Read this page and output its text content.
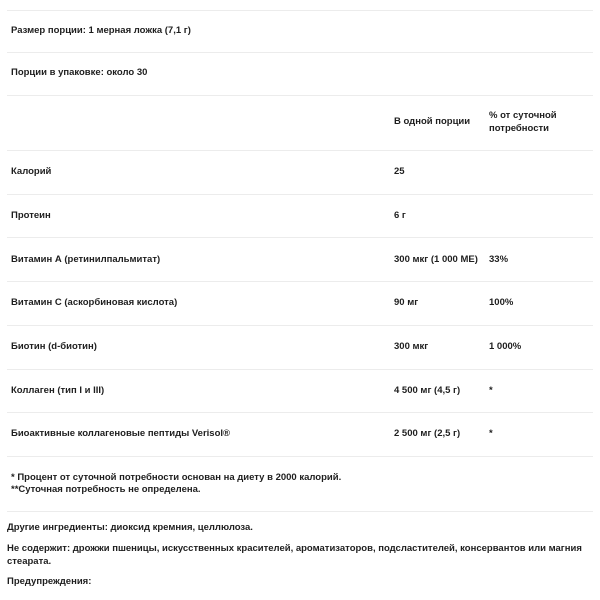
Размер порции: 1 мерная ложка (7,1 г)
Порции в упаковке: около 30
В одной порции
% от суточной
потребности
Калорий	25
Протеин	6 г
Витамин А (ретинилпальмитат)	300 мкг (1 000 МЕ) 33%
Витамин С (аскорбиновая кислота)	90 мг	100%
Биотин (d-биотин)	300 мкг	1 000%
Коллаген (тип I и III)	4 500 мг (4,5 г)	*
Биоактивные коллагеновые пептиды Verisol®	2 500 мг (2,5 г)	*
* Процент от суточной потребности основан на диету в 2000 калорий.
**Суточная потребность не определена.
Другие ингредиенты: диоксид кремния, целлюлоза.
Не содержит: дрожжи пшеницы, искусственных красителей, ароматизаторов, подсластителей, консервантов или магния
стеарата.
Предупреждения:
